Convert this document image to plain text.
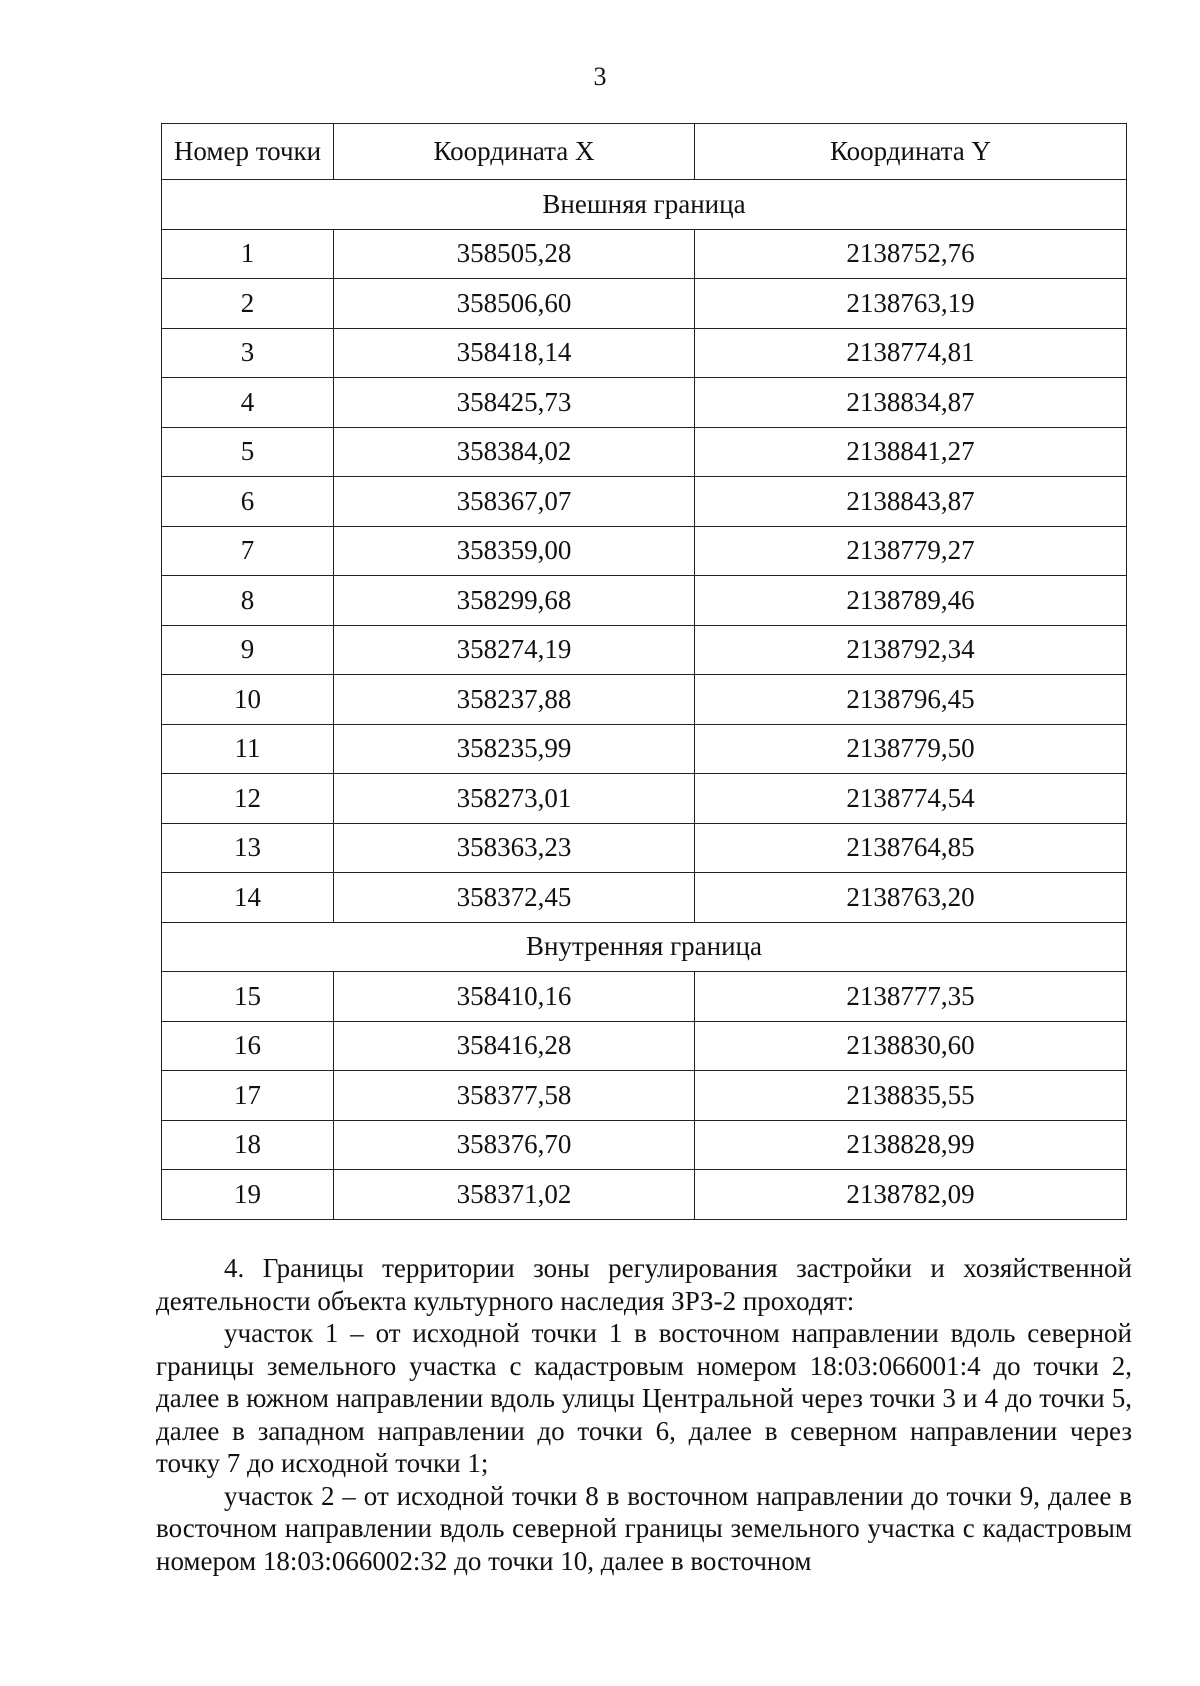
3
Номер точки	Координата X	Координата Y
Внешняя граница		
1	358505,28	2138752,76
2	358506,60	2138763,19
3	358418,14	2138774,81
4	358425,73	2138834,87
5	358384,02	2138841,27
6	358367,07	2138843,87
7	358359,00	2138779,27
8	358299,68	2138789,46
9	358274,19	2138792,34
10	358237,88	2138796,45
11	358235,99	2138779,50
12	358273,01	2138774,54
13	358363,23	2138764,85
14	358372,45	2138763,20
Внутренняя граница		
15	358410,16	2138777,35
16	358416,28	2138830,60
17	358377,58	2138835,55
18	358376,70	2138828,99
19	358371,02	2138782,09

4. Границы территории зоны регулирования застройки и хозяйственной деятельности объекта культурного наследия ЗРЗ-2 проходят:

участок 1 – от исходной точки 1 в восточном направлении вдоль северной границы земельного участка с кадастровым номером 18:03:066001:4 до точки 2, далее в южном направлении вдоль улицы Центральной через точки 3 и 4 до точки 5, далее в западном направлении до точки 6, далее в северном направлении через точку 7 до исходной точки 1;

участок 2 – от исходной точки 8 в восточном направлении до точки 9, далее в восточном направлении вдоль северной границы земельного участка с кадастровым номером 18:03:066002:32 до точки 10, далее в восточном
